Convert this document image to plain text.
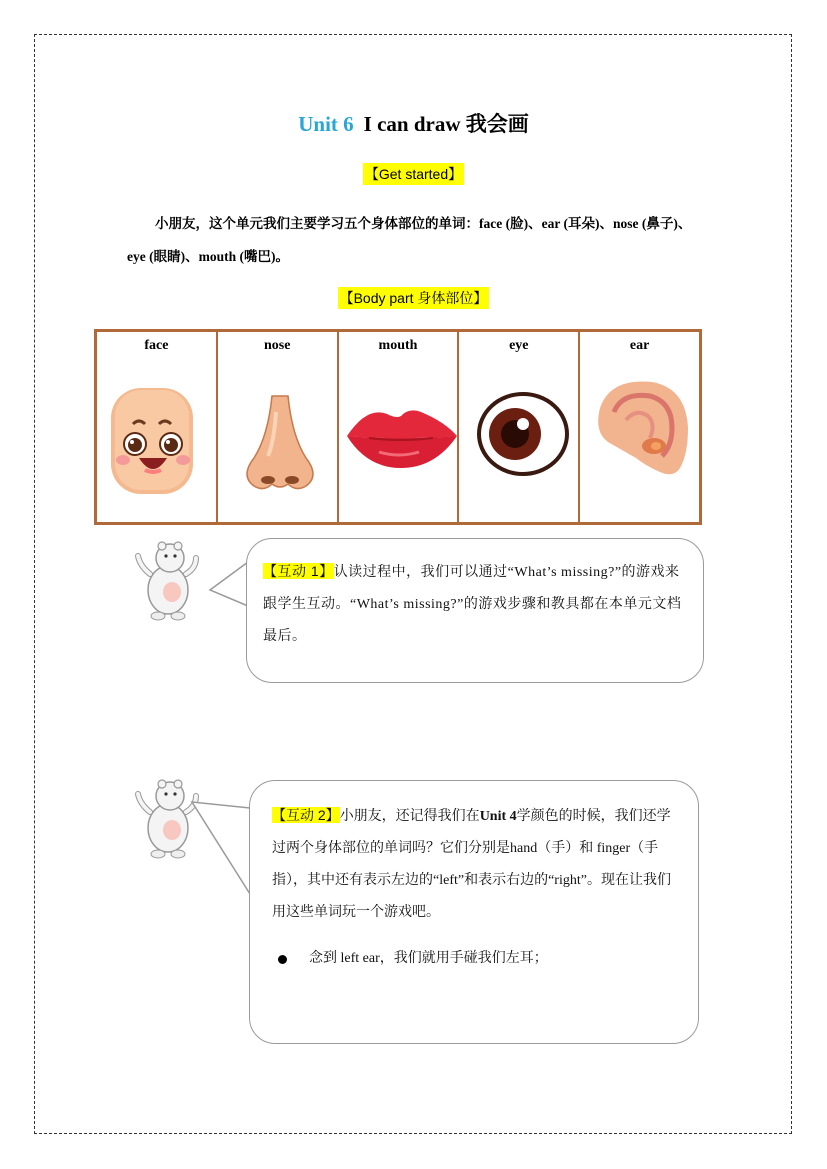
Unit 6 I can draw 我会画
【Get started】
小朋友，这个单元我们主要学习五个身体部位的单词：face (脸)、ear (耳朵)、nose (鼻子)、eye (眼睛)、mouth (嘴巴)。
【Body part 身体部位】
face	nose	mouth	eye	ear
【互动 1】认读过程中，我们可以通过“What’s missing?”的游戏来跟学生互动。“What’s missing?”的游戏步骤和教具都在本单元文档最后。
【互动 2】小朋友，还记得我们在Unit 4学颜色的时候，我们还学过两个身体部位的单词吗？它们分别是hand（手）和 finger（手指），其中还有表示左边的“left”和表示右边的“right”。现在让我们用这些单词玩一个游戏吧。
念到 left ear，我们就用手碰我们左耳；
